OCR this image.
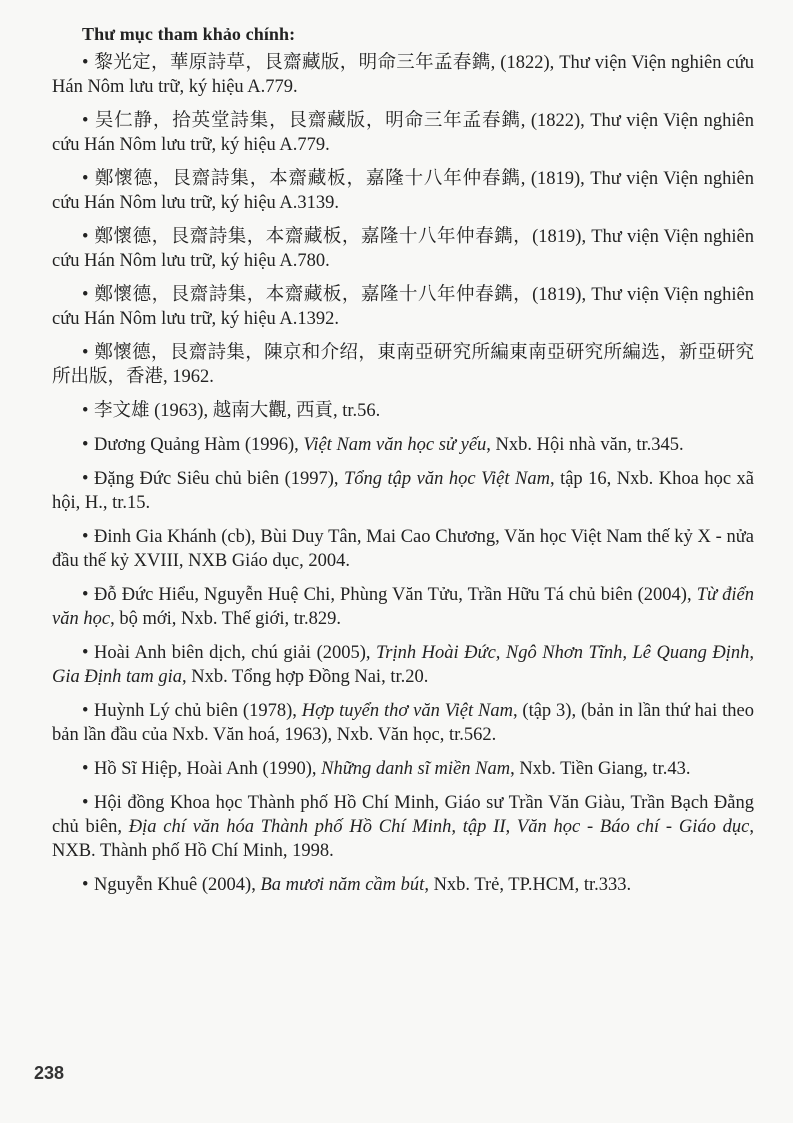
Thư mục tham khảo chính:
• 黎光定，華原詩草，艮齋藏版，明命三年孟春鐫, (1822), Thư viện Viện nghiên cứu Hán Nôm lưu trữ, ký hiệu A.779.
• 吴仁静，拾英堂詩集，艮齋藏版，明命三年孟春鐫, (1822), Thư viện Viện nghiên cứu Hán Nôm lưu trữ, ký hiệu A.779.
• 鄭懷德，艮齋詩集，本齋藏板，嘉隆十八年仲春鐫, (1819), Thư viện Viện nghiên cứu Hán Nôm lưu trữ, ký hiệu A.3139.
• 鄭懷德，艮齋詩集，本齋藏板，嘉隆十八年仲春鐫，(1819), Thư viện Viện nghiên cứu Hán Nôm lưu trữ, ký hiệu A.780.
• 鄭懷德，艮齋詩集，本齋藏板，嘉隆十八年仲春鐫，(1819), Thư viện Viện nghiên cứu Hán Nôm lưu trữ, ký hiệu A.1392.
• 鄭懷德，艮齋詩集，陳京和介绍，東南亞研究所編東南亞研究所編选，新亞研究所出版，香港, 1962.
• 李文雄 (1963), 越南大觀, 西貢, tr.56.
• Dương Quảng Hàm (1996), Việt Nam văn học sử yếu, Nxb. Hội nhà văn, tr.345.
• Đặng Đức Siêu chủ biên (1997), Tổng tập văn học Việt Nam, tập 16, Nxb. Khoa học xã hội, H., tr.15.
• Đinh Gia Khánh (cb), Bùi Duy Tân, Mai Cao Chương, Văn học Việt Nam thế kỷ X - nửa đầu thế kỷ XVIII, NXB Giáo dục, 2004.
• Đỗ Đức Hiểu, Nguyễn Huệ Chi, Phùng Văn Tửu, Trần Hữu Tá chủ biên (2004), Từ điển văn học, bộ mới, Nxb. Thế giới, tr.829.
• Hoài Anh biên dịch, chú giải (2005), Trịnh Hoài Đức, Ngô Nhơn Tĩnh, Lê Quang Định, Gia Định tam gia, Nxb. Tổng hợp Đồng Nai, tr.20.
• Huỳnh Lý chủ biên (1978), Hợp tuyển thơ văn Việt Nam, (tập 3), (bản in lần thứ hai theo bản lần đầu của Nxb. Văn hoá, 1963), Nxb. Văn học, tr.562.
• Hồ Sĩ Hiệp, Hoài Anh (1990), Những danh sĩ miền Nam, Nxb. Tiền Giang, tr.43.
• Hội đồng Khoa học Thành phố Hồ Chí Minh, Giáo sư Trần Văn Giàu, Trần Bạch Đằng chủ biên, Địa chí văn hóa Thành phố Hồ Chí Minh, tập II, Văn học - Báo chí - Giáo dục, NXB. Thành phố Hồ Chí Minh, 1998.
• Nguyễn Khuê (2004), Ba mươi năm cầm bút, Nxb. Trẻ, TP.HCM, tr.333.
238
